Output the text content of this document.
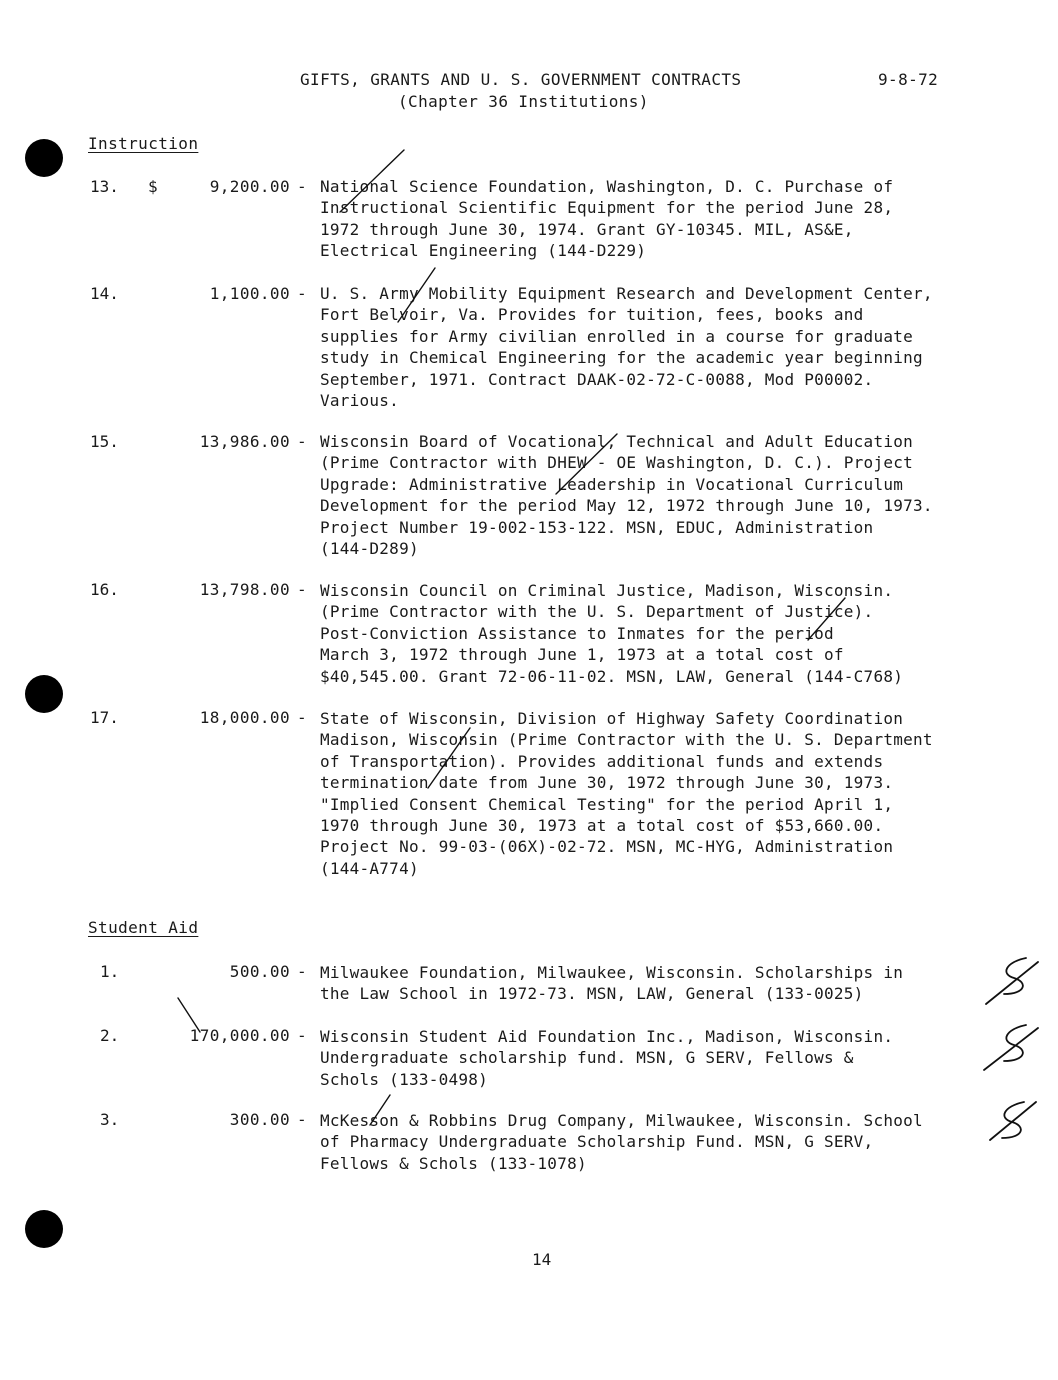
GIFTS, GRANTS AND U. S. GOVERNMENT CONTRACTS
(Chapter 36 Institutions)
9-8-72
Instruction
13. $	9,200.00 - National Science Foundation, Washington, D. C. Purchase of
Instructional Scientific Equipment for the period June 28,
1972 through June 30, 1974. Grant GY-10345. MIL, AS&E,
Electrical Engineering (144-D229)
14.	1,100.00 - U. S. Army Mobility Equipment Research and Development Center,
Fort Belvoir, Va. Provides for tuition, fees, books and
supplies for Army civilian enrolled in a course for graduate
study in Chemical Engineering for the academic year beginning
September, 1971. Contract DAAK-02-72-C-0088, Mod P00002.
Various.
15.	13,986.00 - Wisconsin Board of Vocational, Technical and Adult Education
(Prime Contractor with DHEW - OE Washington, D. C.). Project
Upgrade: Administrative Leadership in Vocational Curriculum
Development for the period May 12, 1972 through June 10, 1973.
Project Number 19-002-153-122. MSN, EDUC, Administration
(144-D289)
16.	13,798.00 - Wisconsin Council on Criminal Justice, Madison, Wisconsin.
(Prime Contractor with the U. S. Department of Justice).
Post-Conviction Assistance to Inmates for the period
March 3, 1972 through June 1, 1973 at a total cost of
$40,545.00. Grant 72-06-11-02. MSN, LAW, General (144-C768)
17.	18,000.00 - State of Wisconsin, Division of Highway Safety Coordination
Madison, Wisconsin (Prime Contractor with the U. S. Department
of Transportation). Provides additional funds and extends
termination date from June 30, 1972 through June 30, 1973.
"Implied Consent Chemical Testing" for the period April 1,
1970 through June 30, 1973 at a total cost of $53,660.00.
Project No. 99-03-(06X)-02-72. MSN, MC-HYG, Administration
(144-A774)
Student Aid
1.	500.00 - Milwaukee Foundation, Milwaukee, Wisconsin. Scholarships in
the Law School in 1972-73. MSN, LAW, General (133-0025)
2.	170,000.00 - Wisconsin Student Aid Foundation Inc., Madison, Wisconsin.
Undergraduate scholarship fund. MSN, G SERV, Fellows &
Schols (133-0498)
3.	300.00 - McKesson & Robbins Drug Company, Milwaukee, Wisconsin. School
of Pharmacy Undergraduate Scholarship Fund. MSN, G SERV,
Fellows & Schols (133-1078)
14
